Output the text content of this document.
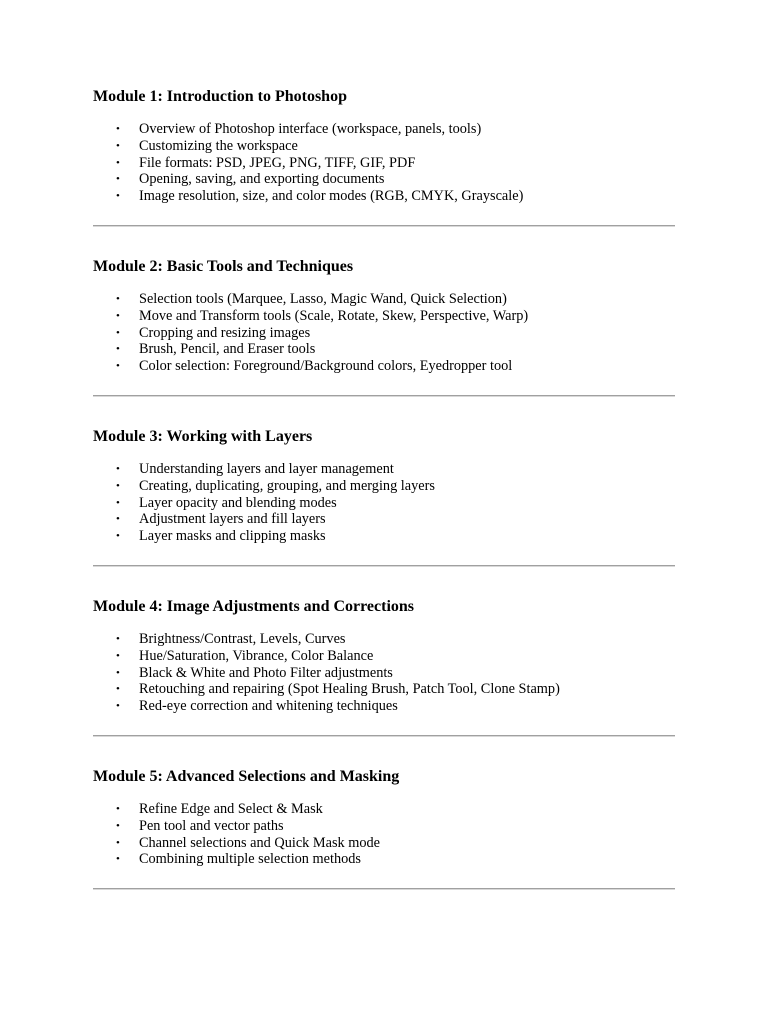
Module 1: Introduction to Photoshop
• Overview of Photoshop interface (workspace, panels, tools)
• Customizing the workspace
• File formats: PSD, JPEG, PNG, TIFF, GIF, PDF
• Opening, saving, and exporting documents
• Image resolution, size, and color modes (RGB, CMYK, Grayscale)
Module 2: Basic Tools and Techniques
• Selection tools (Marquee, Lasso, Magic Wand, Quick Selection)
• Move and Transform tools (Scale, Rotate, Skew, Perspective, Warp)
• Cropping and resizing images
• Brush, Pencil, and Eraser tools
• Color selection: Foreground/Background colors, Eyedropper tool
Module 3: Working with Layers
• Understanding layers and layer management
• Creating, duplicating, grouping, and merging layers
• Layer opacity and blending modes
• Adjustment layers and fill layers
• Layer masks and clipping masks
Module 4: Image Adjustments and Corrections
• Brightness/Contrast, Levels, Curves
• Hue/Saturation, Vibrance, Color Balance
• Black & White and Photo Filter adjustments
• Retouching and repairing (Spot Healing Brush, Patch Tool, Clone Stamp)
• Red-eye correction and whitening techniques
Module 5: Advanced Selections and Masking
• Refine Edge and Select & Mask
• Pen tool and vector paths
• Channel selections and Quick Mask mode
• Combining multiple selection methods
